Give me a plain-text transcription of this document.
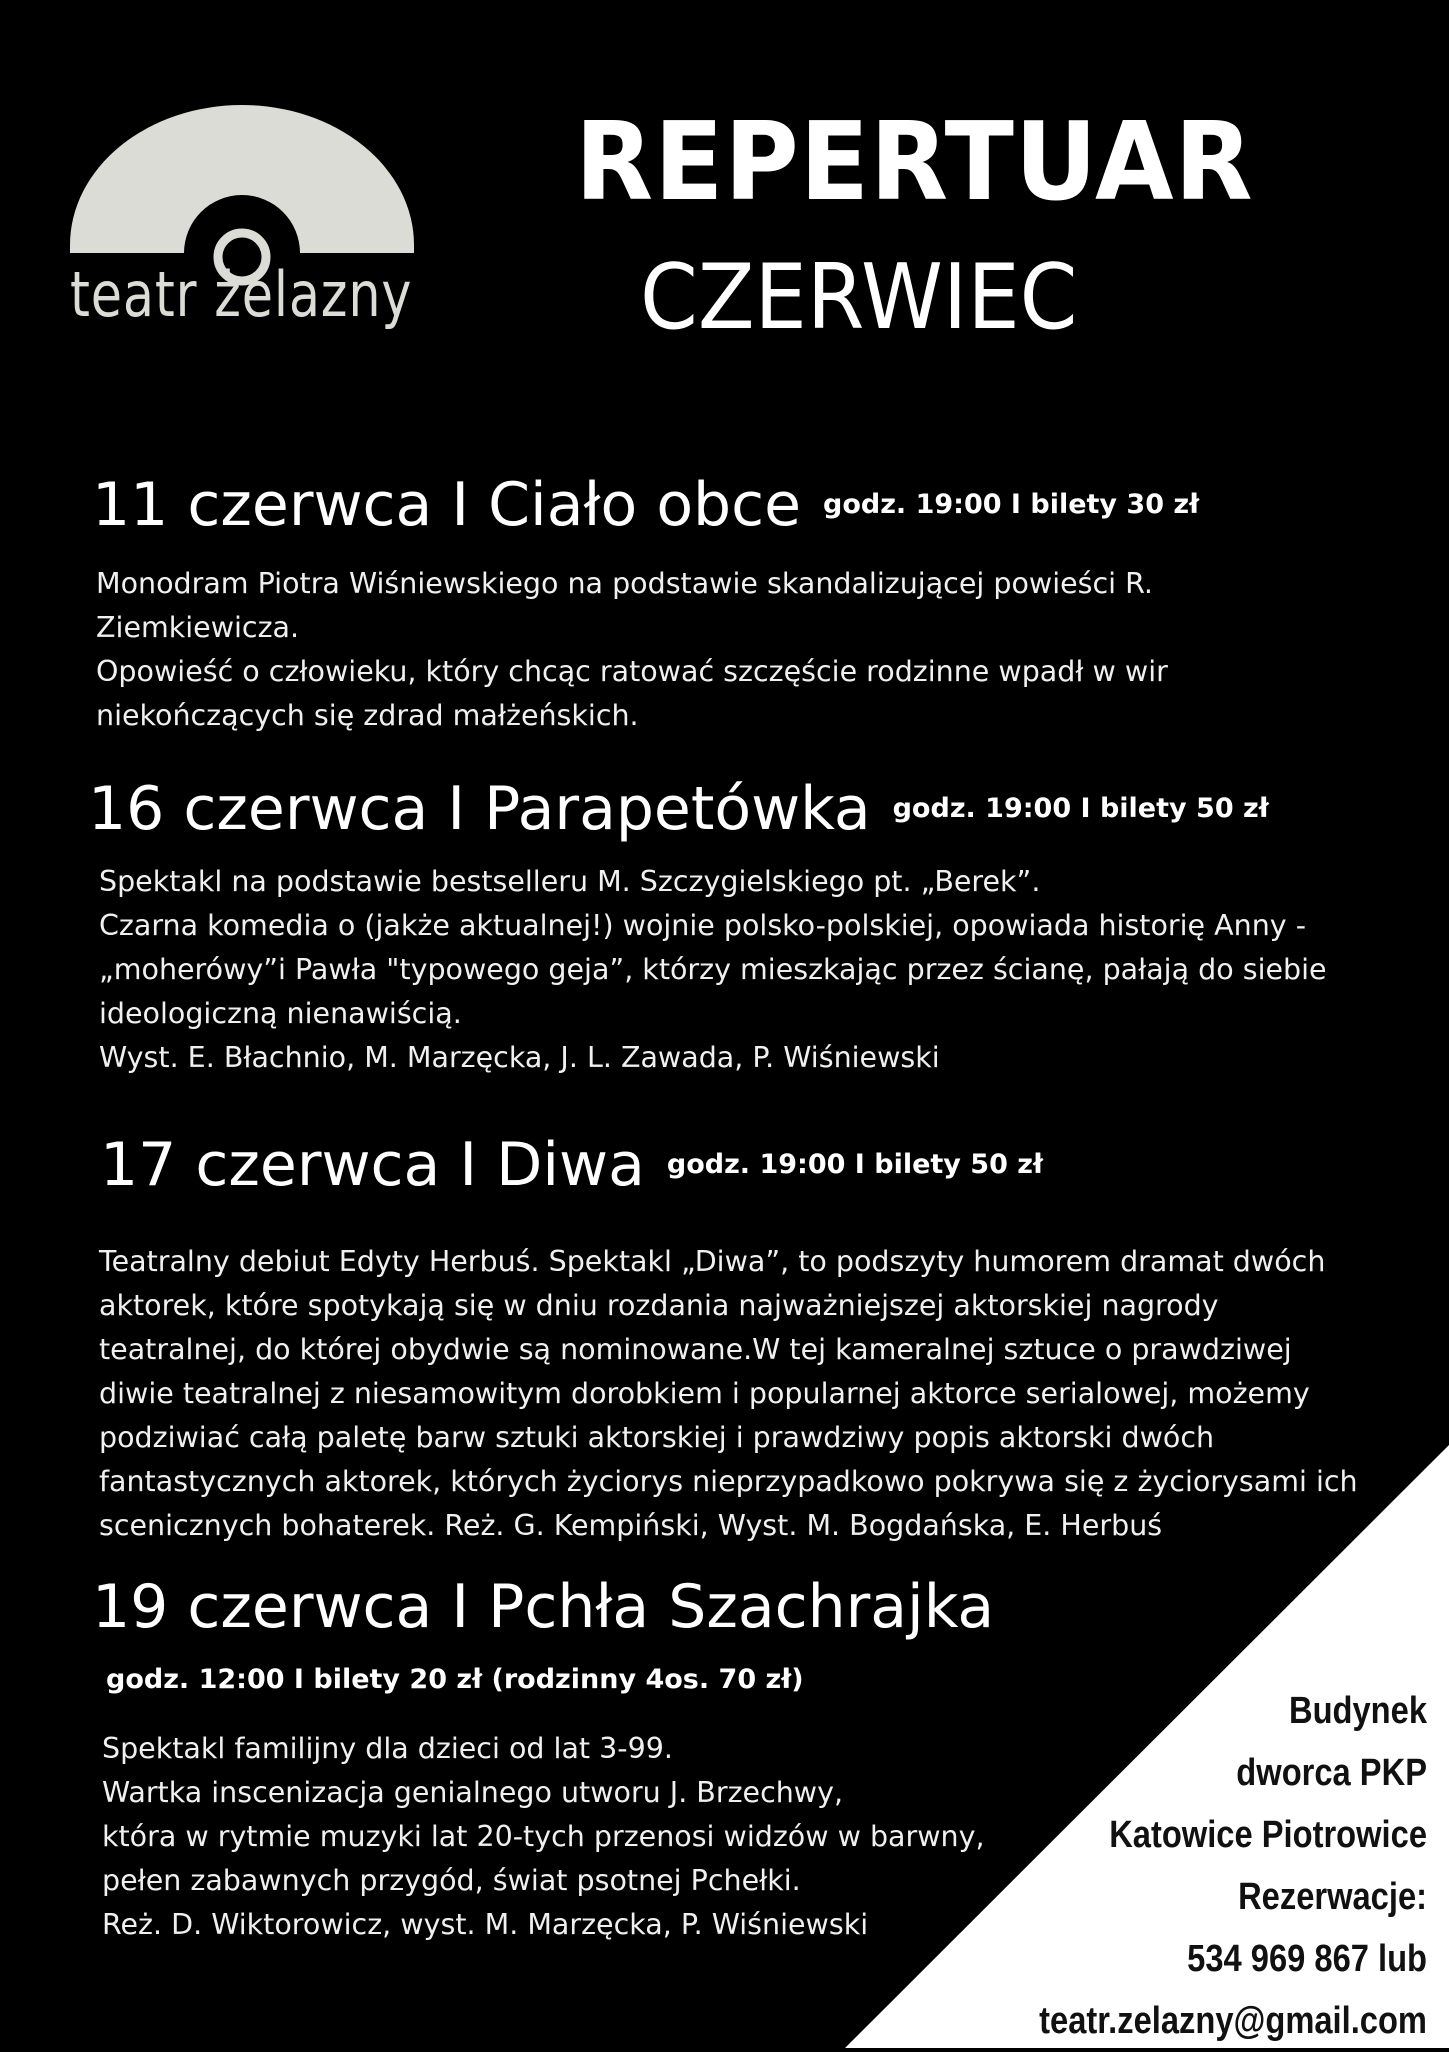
teatr żelazny
REPERTUAR
CZERWIEC
11 czerwca I Ciało obce godz. 19:00 I bilety 30 zł
Monodram Piotra Wiśniewskiego na podstawie skandalizującej powieści R.
Ziemkiewicza.
Opowieść o człowieku, który chcąc ratować szczęście rodzinne wpadł w wir
niekończących się zdrad małżeńskich.
16 czerwca I Parapetówka godz. 19:00 I bilety 50 zł
Spektakl na podstawie bestselleru M. Szczygielskiego pt. „Berek”.
Czarna komedia o (jakże aktualnej!) wojnie polsko-polskiej, opowiada historię Anny -
„moherówy”i Pawła "typowego geja”, którzy mieszkając przez ścianę, pałają do siebie
ideologiczną nienawiścią.
Wyst. E. Błachnio, M. Marzęcka, J. L. Zawada, P. Wiśniewski
17 czerwca I Diwa godz. 19:00 I bilety 50 zł
Teatralny debiut Edyty Herbuś. Spektakl „Diwa”, to podszyty humorem dramat dwóch
aktorek, które spotykają się w dniu rozdania najważniejszej aktorskiej nagrody
teatralnej, do której obydwie są nominowane.W tej kameralnej sztuce o prawdziwej
diwie teatralnej z niesamowitym dorobkiem i popularnej aktorce serialowej, możemy
podziwiać całą paletę barw sztuki aktorskiej i prawdziwy popis aktorski dwóch
fantastycznych aktorek, których życiorys nieprzypadkowo pokrywa się z życiorysami ich
scenicznych bohaterek. Reż. G. Kempiński, Wyst. M. Bogdańska, E. Herbuś
19 czerwca I Pchła Szachrajka
godz. 12:00 I bilety 20 zł (rodzinny 4os. 70 zł)
Spektakl familijny dla dzieci od lat 3-99.
Wartka inscenizacja genialnego utworu J. Brzechwy,
która w rytmie muzyki lat 20-tych przenosi widzów w barwny,
pełen zabawnych przygód, świat psotnej Pchełki.
Reż. D. Wiktorowicz, wyst. M. Marzęcka, P. Wiśniewski
Budynek
dworca PKP
Katowice Piotrowice
Rezerwacje:
534 969 867 lub
teatr.zelazny@gmail.com
